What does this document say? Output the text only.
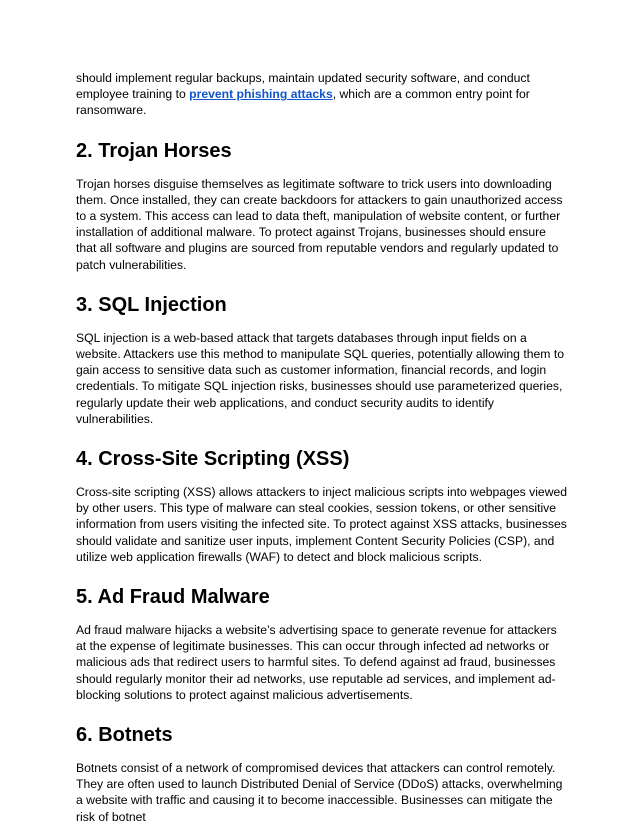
should implement regular backups, maintain updated security software, and conduct employee training to prevent phishing attacks, which are a common entry point for ransomware.

2. Trojan Horses

Trojan horses disguise themselves as legitimate software to trick users into downloading them. Once installed, they can create backdoors for attackers to gain unauthorized access to a system. This access can lead to data theft, manipulation of website content, or further installation of additional malware. To protect against Trojans, businesses should ensure that all software and plugins are sourced from reputable vendors and regularly updated to patch vulnerabilities.

3. SQL Injection

SQL injection is a web-based attack that targets databases through input fields on a website. Attackers use this method to manipulate SQL queries, potentially allowing them to gain access to sensitive data such as customer information, financial records, and login credentials. To mitigate SQL injection risks, businesses should use parameterized queries, regularly update their web applications, and conduct security audits to identify vulnerabilities.

4. Cross-Site Scripting (XSS)

Cross-site scripting (XSS) allows attackers to inject malicious scripts into webpages viewed by other users. This type of malware can steal cookies, session tokens, or other sensitive information from users visiting the infected site. To protect against XSS attacks, businesses should validate and sanitize user inputs, implement Content Security Policies (CSP), and utilize web application firewalls (WAF) to detect and block malicious scripts.

5. Ad Fraud Malware

Ad fraud malware hijacks a website’s advertising space to generate revenue for attackers at the expense of legitimate businesses. This can occur through infected ad networks or malicious ads that redirect users to harmful sites. To defend against ad fraud, businesses should regularly monitor their ad networks, use reputable ad services, and implement ad-blocking solutions to protect against malicious advertisements.

6. Botnets

Botnets consist of a network of compromised devices that attackers can control remotely. They are often used to launch Distributed Denial of Service (DDoS) attacks, overwhelming a website with traffic and causing it to become inaccessible. Businesses can mitigate the risk of botnet
